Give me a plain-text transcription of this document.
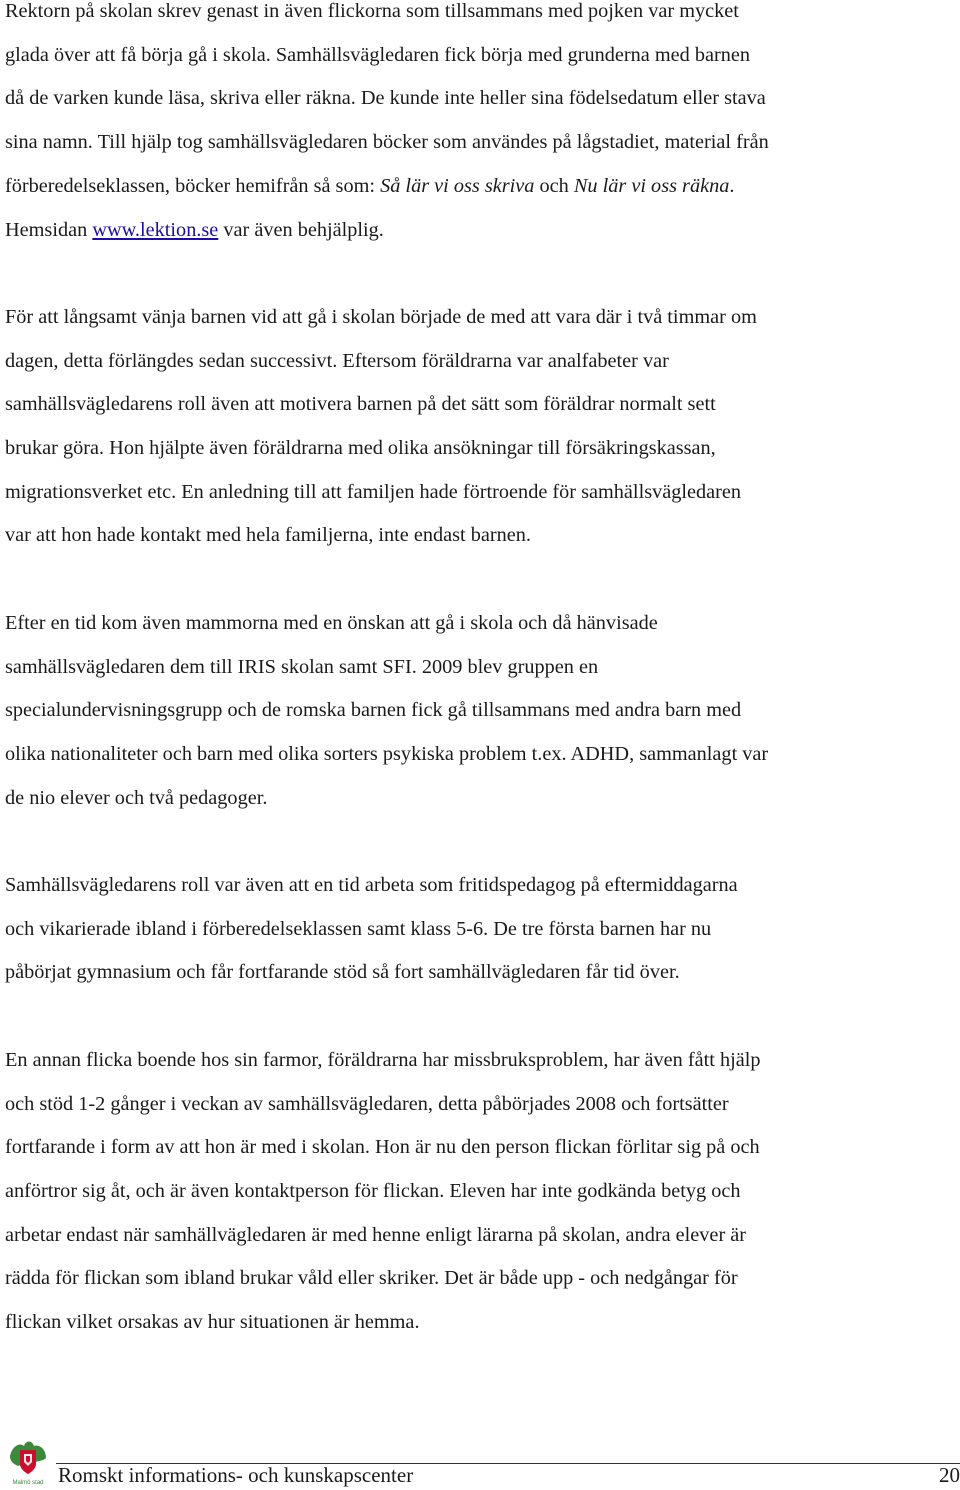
Rektorn på skolan skrev genast in även flickorna som tillsammans med pojken var mycket
glada över att få börja gå i skola. Samhällsvägledaren fick börja med grunderna med barnen
då de varken kunde läsa, skriva eller räkna. De kunde inte heller sina födelsedatum eller stava
sina namn. Till hjälp tog samhällsvägledaren böcker som användes på lågstadiet, material från
förberedelseklassen, böcker hemifrån så som: Så lär vi oss skriva och Nu lär vi oss räkna.
Hemsidan www.lektion.se var även behjälplig.

För att långsamt vänja barnen vid att gå i skolan började de med att vara där i två timmar om
dagen, detta förlängdes sedan successivt. Eftersom föräldrarna var analfabeter var
samhällsvägledarens roll även att motivera barnen på det sätt som föräldrar normalt sett
brukar göra. Hon hjälpte även föräldrarna med olika ansökningar till försäkringskassan,
migrationsverket etc. En anledning till att familjen hade förtroende för samhällsvägledaren
var att hon hade kontakt med hela familjerna, inte endast barnen.

Efter en tid kom även mammorna med en önskan att gå i skola och då hänvisade
samhällsvägledaren dem till IRIS skolan samt SFI. 2009 blev gruppen en
specialundervisningsgrupp och de romska barnen fick gå tillsammans med andra barn med
olika nationaliteter och barn med olika sorters psykiska problem t.ex. ADHD, sammanlagt var
de nio elever och två pedagoger.

Samhällsvägledarens roll var även att en tid arbeta som fritidspedagog på eftermiddagarna
och vikarierade ibland i förberedelseklassen samt klass 5-6. De tre första barnen har nu
påbörjat gymnasium och får fortfarande stöd så fort samhällvägledaren får tid över.

En annan flicka boende hos sin farmor, föräldrarna har missbruksproblem, har även fått hjälp
och stöd 1-2 gånger i veckan av samhällsvägledaren, detta påbörjades 2008 och fortsätter
fortfarande i form av att hon är med i skolan. Hon är nu den person flickan förlitar sig på och
anförtror sig åt, och är även kontaktperson för flickan. Eleven har inte godkända betyg och
arbetar endast när samhällvägledaren är med henne enligt lärarna på skolan, andra elever är
rädda för flickan som ibland brukar våld eller skriker. Det är både upp - och nedgångar för
flickan vilket orsakas av hur situationen är hemma.

Malmö stad Romskt informations- och kunskapscenter	20
